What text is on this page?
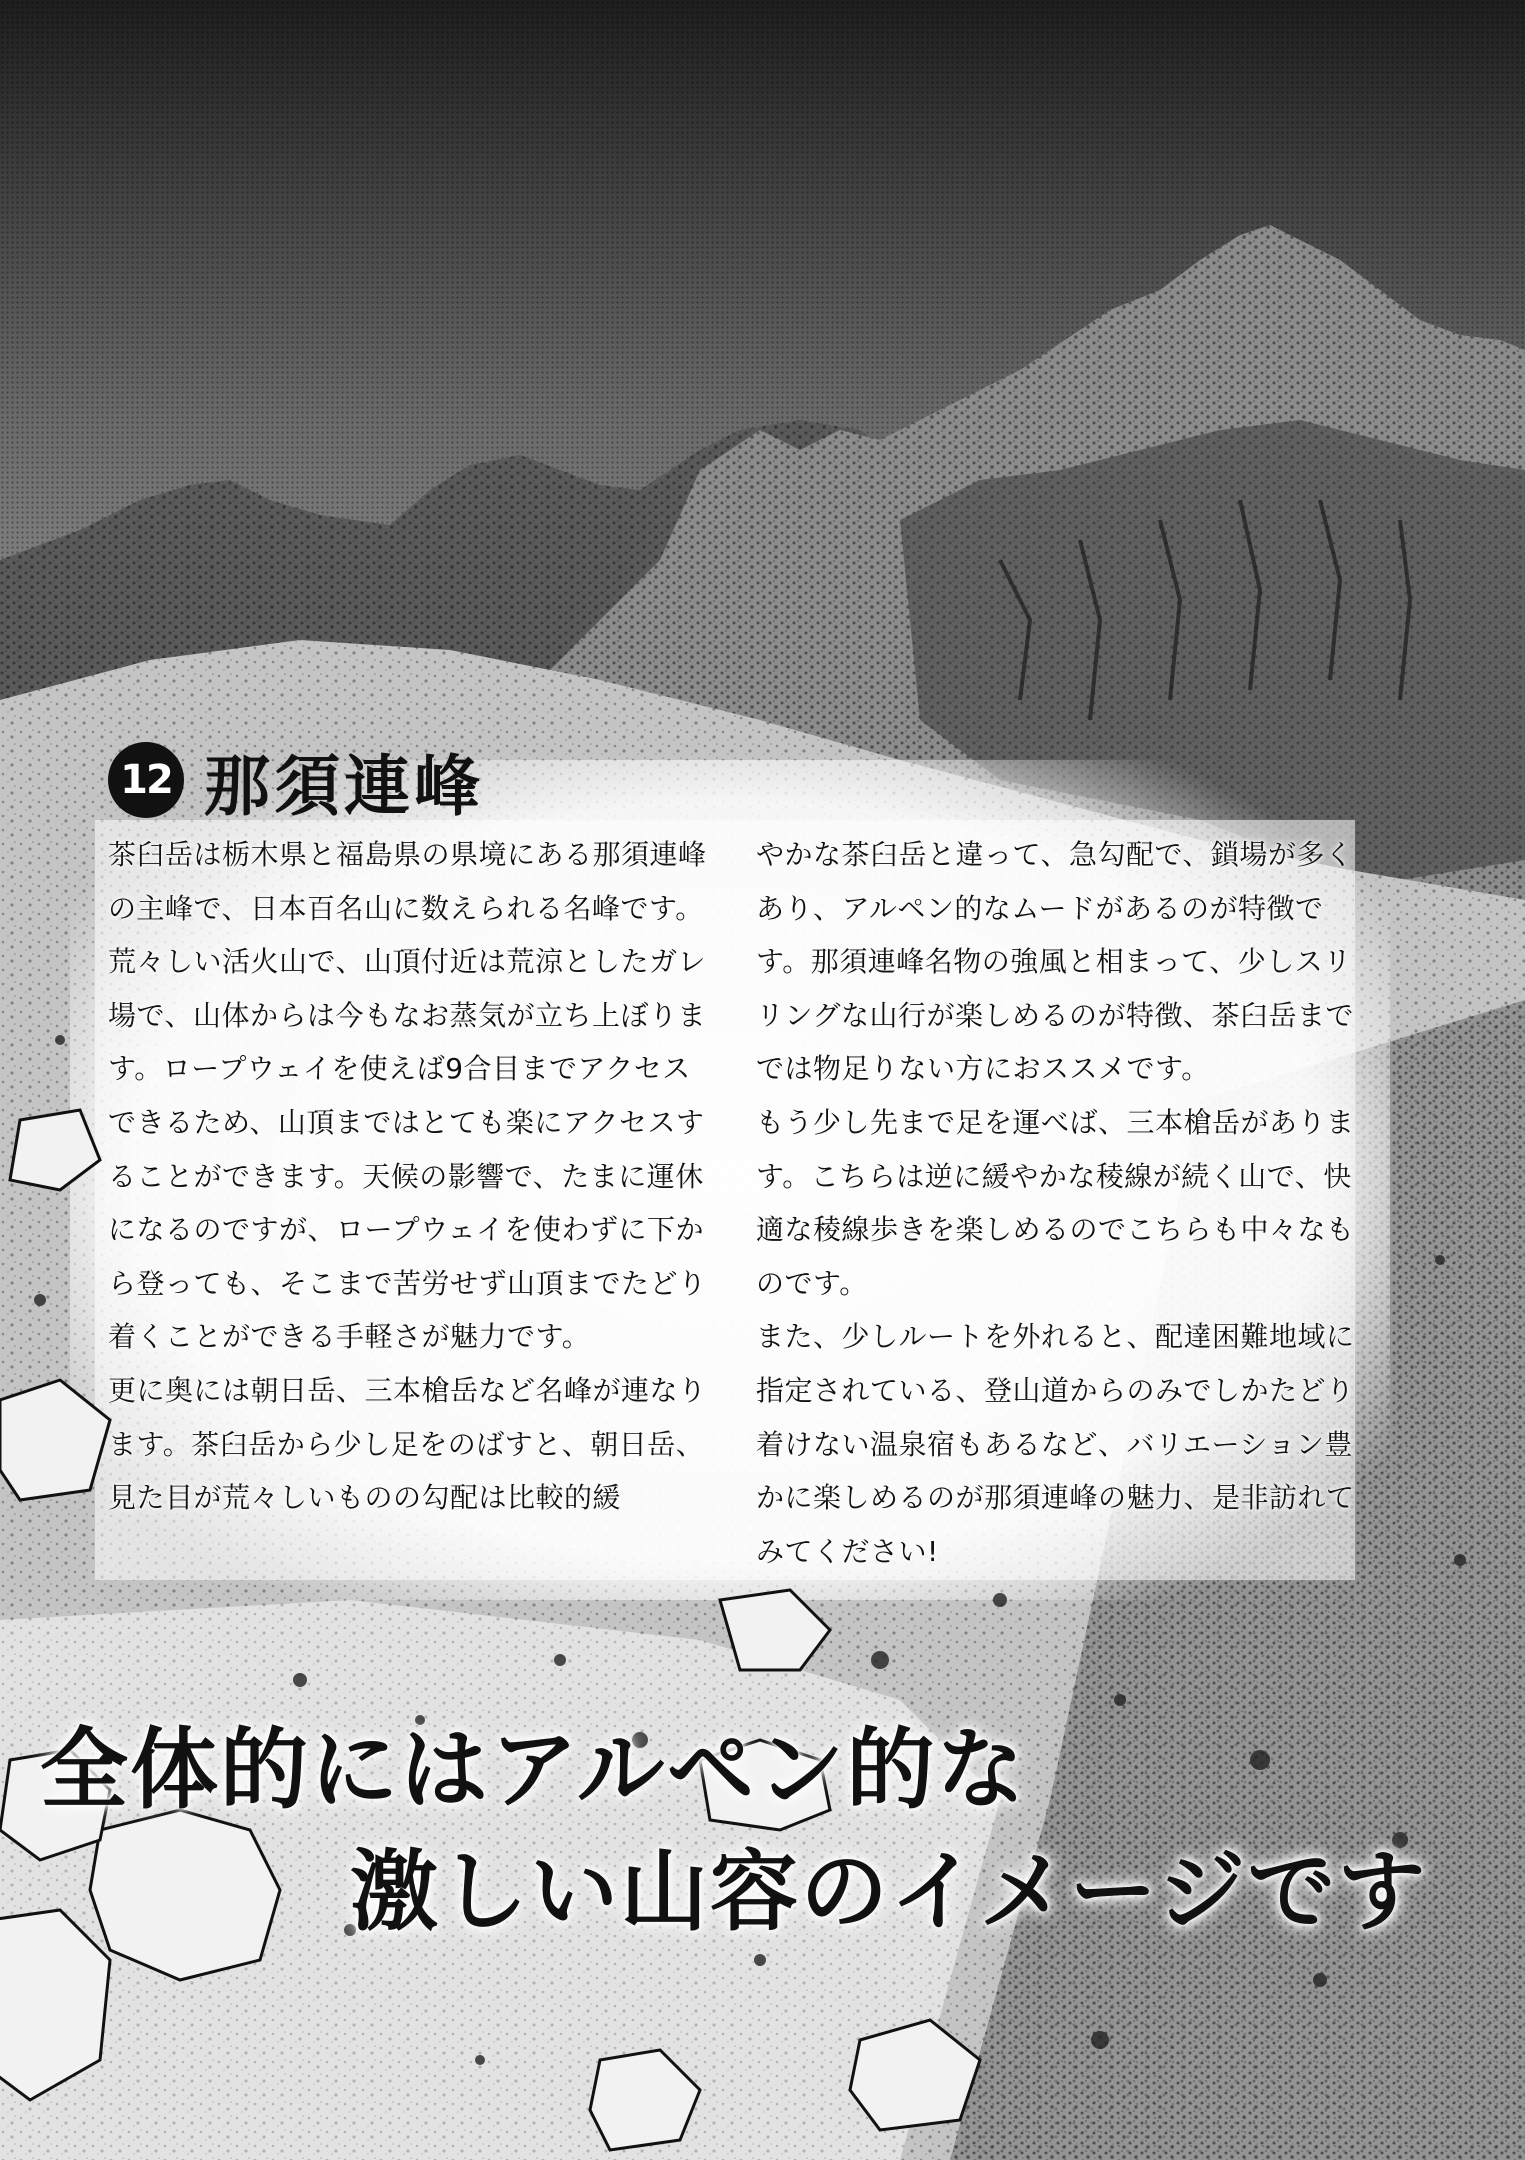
12 那須連峰

茶臼岳は栃木県と福島県の県境にある那須連峰の主峰で、日本百名山に数えられる名峰です。荒々しい活火山で、山頂付近は荒涼としたガレ場で、山体からは今もなお蒸気が立ち上ぼります。ロープウェイを使えば9合目までアクセスできるため、山頂まではとても楽にアクセスすることができます。天候の影響で、たまに運休になるのですが、ロープウェイを使わずに下から登っても、そこまで苦労せず山頂までたどり着くことができる手軽さが魅力です。

更に奥には朝日岳、三本槍岳など名峰が連なります。茶臼岳から少し足をのばすと、朝日岳、見た目が荒々しいものの勾配は比較的緩

やかな茶臼岳と違って、急勾配で、鎖場が多くあり、アルペン的なムードがあるのが特徴です。那須連峰名物の強風と相まって、少しスリリングな山行が楽しめるのが特徴、茶臼岳までで​は物足りない方におススメです。

もう少し先まで足を運べば、三本槍岳があります。こちらは逆に緩やかな稜線が続く山で、快適な稜線歩きを楽しめるのでこちらも中々なものです。

また、少しルートを外れると、配達困難地域に指定されている、登山道からのみでしかたどり着けない温泉宿もあるなど、バリエーション豊かに楽しめるのが那須連峰の魅力、是非訪れてみてください!

全体的にはアルペン的な
激しい山容のイメージです
